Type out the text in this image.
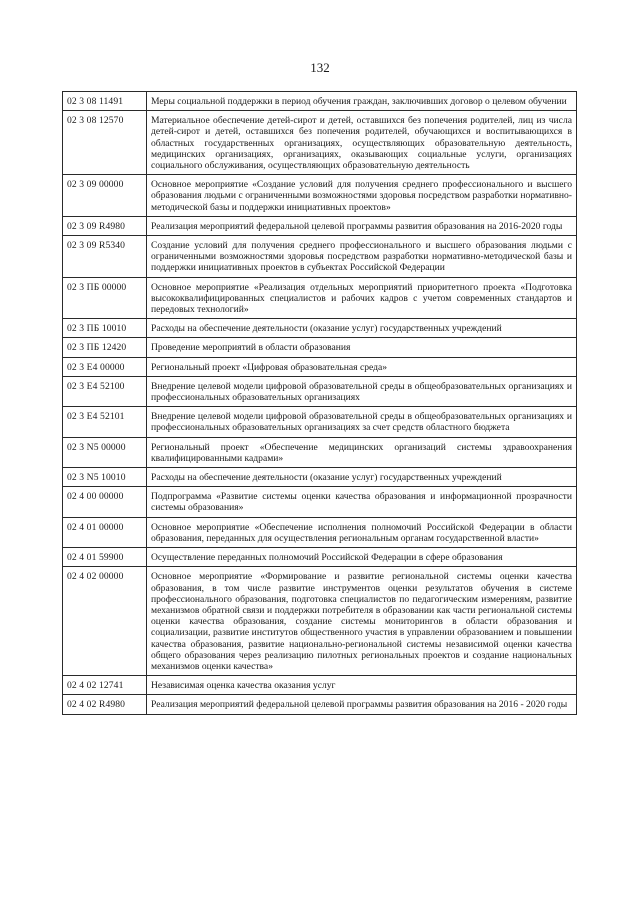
132
02 3 08 11491	Меры социальной поддержки в период обучения граждан, заключивших договор о целевом обучении
02 3 08 12570	Материальное обеспечение детей-сирот и детей, оставшихся без попечения родителей, лиц из числа детей-сирот и детей, оставшихся без попечения родителей, обучающихся и воспитывающихся в областных государственных организациях, осуществляющих образовательную деятельность, медицинских организациях, организациях, оказывающих социальные услуги, организациях социального обслуживания, осуществляющих образовательную деятельность
02 3 09 00000	Основное мероприятие «Создание условий для получения среднего профессионального и высшего образования людьми с ограниченными возможностями здоровья посредством разработки нормативно-методической базы и поддержки инициативных проектов»
02 3 09 R4980	Реализация мероприятий федеральной целевой программы развития образования на 2016-2020 годы
02 3 09 R5340	Создание условий для получения среднего профессионального и высшего образования людьми с ограниченными возможностями здоровья посредством разработки нормативно-методической базы и поддержки инициативных проектов в субъектах Российской Федерации
02 3 ПБ 00000	Основное мероприятие «Реализация отдельных мероприятий приоритетного проекта «Подготовка высококвалифицированных специалистов и рабочих кадров с учетом современных стандартов и передовых технологий»
02 3 ПБ 10010	Расходы на обеспечение деятельности (оказание услуг) государственных учреждений
02 3 ПБ 12420	Проведение мероприятий в области образования
02 3 Е4 00000	Региональный проект «Цифровая образовательная среда»
02 3 Е4 52100	Внедрение целевой модели цифровой образовательной среды в общеобразовательных организациях и профессиональных образовательных организациях
02 3 Е4 52101	Внедрение целевой модели цифровой образовательной среды в общеобразовательных организациях и профессиональных образовательных организациях за счет средств областного бюджета
02 3 N5 00000	Региональный проект «Обеспечение медицинских организаций системы здравоохранения квалифицированными кадрами»
02 3 N5 10010	Расходы на обеспечение деятельности (оказание услуг) государственных учреждений
02 4 00 00000	Подпрограмма «Развитие системы оценки качества образования и информационной прозрачности системы образования»
02 4 01 00000	Основное мероприятие «Обеспечение исполнения полномочий Российской Федерации в области образования, переданных для осуществления региональным органам государственной власти»
02 4 01 59900	Осуществление переданных полномочий Российской Федерации в сфере образования
02 4 02 00000	Основное мероприятие «Формирование и развитие региональной системы оценки качества образования, в том числе развитие инструментов оценки результатов обучения в системе профессионального образования, подготовка специалистов по педагогическим измерениям, развитие механизмов обратной связи и поддержки потребителя в образовании как части региональной системы оценки качества образования, создание системы мониторингов в области образования и социализации, развитие институтов общественного участия в управлении образованием и повышении качества образования, развитие национально-региональной системы независимой оценки качества общего образования через реализацию пилотных региональных проектов и создание национальных механизмов оценки качества»
02 4 02 12741	Независимая оценка качества оказания услуг
02 4 02 R4980	Реализация мероприятий федеральной целевой программы развития образования на 2016 - 2020 годы
